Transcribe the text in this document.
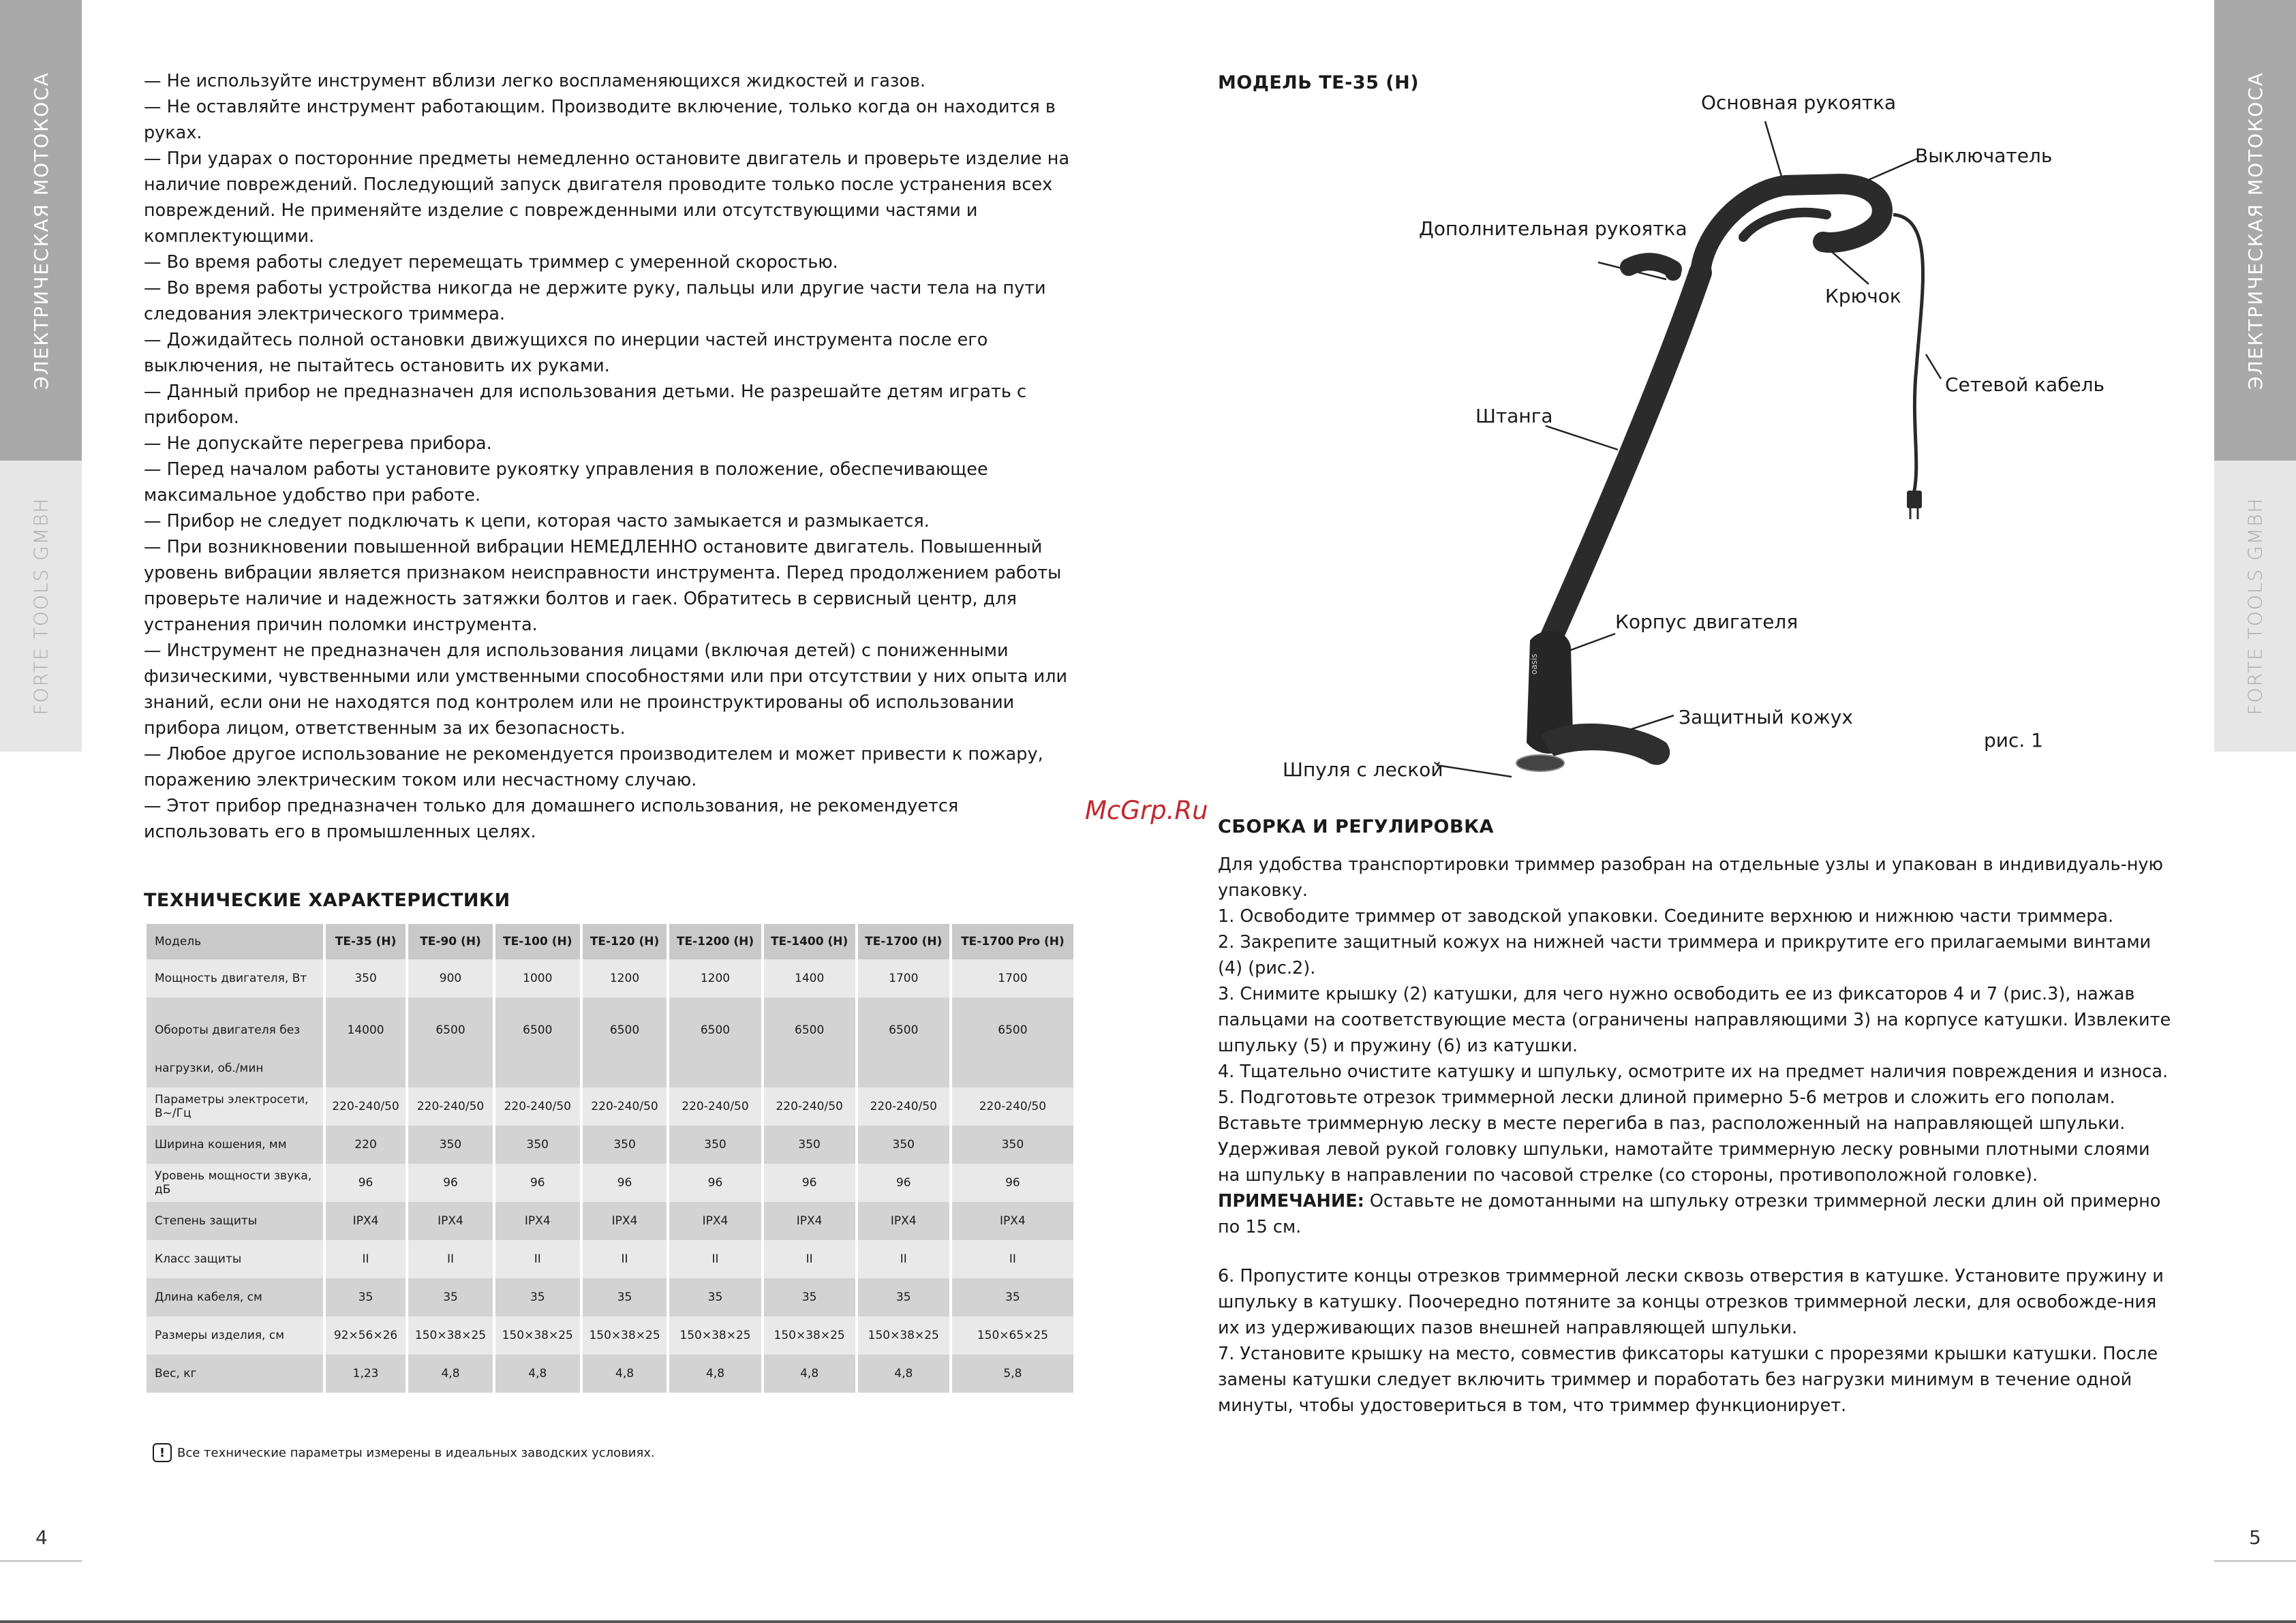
ЭЛЕКТРИЧЕСКАЯ МОТОКОСА
FORTE TOOLS GMBH
ЭЛЕКТРИЧЕСКАЯ МОТОКОСА
FORTE TOOLS GMBH

— Не используйте инструмент вблизи легко воспламеняющихся жидкостей и газов.

— Не оставляйте инструмент работающим. Производите включение, только когда он находится в руках.

— При ударах о посторонние предметы немедленно остановите двигатель и проверьте изделие на наличие повреждений. Последующий запуск двигателя проводите только после устранения всех повреждений. Не применяйте изделие с поврежденными или отсутствующими частями и комплектующими.

— Во время работы следует перемещать триммер с умеренной скоростью.

— Во время работы устройства никогда не держите руку, пальцы или другие части тела на пути следования электрического триммера.

— Дожидайтесь полной остановки движущихся по инерции частей инструмента после его выключения, не пытайтесь остановить их руками.

— Данный прибор не предназначен для использования детьми. Не разрешайте детям играть с прибором.

— Не допускайте перегрева прибора.

— Перед началом работы установите рукоятку управления в положение, обеспечивающее максимальное удобство при работе.

— Прибор не следует подключать к цепи, которая часто замыкается и размыкается.

— При возникновении повышенной вибрации НЕМЕДЛЕННО остановите двигатель. Повышенный уровень вибрации является признаком неисправности инструмента. Перед продолжением работы проверьте наличие и надежность затяжки болтов и гаек. Обратитесь в сервисный центр, для устранения причин поломки инструмента.

— Инструмент не предназначен для использования лицами (включая детей) с пониженными физическими, чувственными или умственными способностями или при отсутствии у них опыта или знаний, если они не находятся под контролем или не проинструктированы об использовании прибора лицом, ответственным за их безопасность.

— Любое другое использование не рекомендуется производителем и может привести к пожару, поражению электрическим током или несчастному случаю.

— Этот прибор предназначен только для домашнего использования, не рекомендуется использовать его в промышленных целях.

ТЕХНИЧЕСКИЕ ХАРАКТЕРИСТИКИ
Модель	TE-35 (H)	TE-90 (H)	TE-100 (H)	TE-120 (H)	TE-1200 (H)	TE-1400 (H)	TE-1700 (H)	TE-1700 Pro (H)
Мощность двигателя, Вт	350	900	1000	1200	1200	1400	1700	1700

Обороты двигателя без нагрузки, об./мин	14000	6500	6500	6500	6500	6500	6500	6500

Параметры электросети, В~/Гц	220-240/50	220-240/50	220-240/50	220-240/50	220-240/50	220-240/50	220-240/50	220-240/50
Ширина кошения, мм	220	350	350	350	350	350	350	350
Уровень мощности звука, дБ	96	96	96	96	96	96	96	96
Степень защиты	IPX4	IPX4	IPX4	IPX4	IPX4	IPX4	IPX4	IPX4
Класс защиты	II	II	II	II	II	II	II	II
Длина кабеля, см	35	35	35	35	35	35	35	35
Размеры изделия, см	92×56×26	150×38×25	150×38×25	150×38×25	150×38×25	150×38×25	150×38×25	150×65×25
Вес, кг	1,23	4,8	4,8	4,8	4,8	4,8	4,8	5,8
! Все технические параметры измерены в идеальных заводских условиях.
4
МОДЕЛЬ TE-35 (H)
oasis
Основная рукоятка
Выключатель
Дополнительная рукоятка
Крючок
Сетевой кабель
Штанга
Корпус двигателя
Защитный кожух
Шпуля с леской
рис. 1
McGrp.Ru
СБОРКА И РЕГУЛИРОВКА

Для удобства транспортировки триммер разобран на отдельные узлы и упакован в индивидуаль-ную упаковку.

1. Освободите триммер от заводской упаковки. Соедините верхнюю и нижнюю части триммера.

2. Закрепите защитный кожух на нижней части триммера и прикрутите его прилагаемыми винтами (4) (рис.2).

3. Снимите крышку (2) катушки, для чего нужно освободить ее из фиксаторов 4 и 7 (рис.3), нажав пальцами на соответствующие места (ограничены направляющими 3) на корпусе катушки. Извлеките шпульку (5) и пружину (6) из катушки.

4. Тщательно очистите катушку и шпульку, осмотрите их на предмет наличия повреждения и износа.

5. Подготовьте отрезок триммерной лески длиной примерно 5-6 метров и сложить его пополам. Вставьте триммерную леску в месте перегиба в паз, расположенный на направляющей шпульки. Удерживая левой рукой головку шпульки, намотайте триммерную леску ровными плотными слоями на шпульку в направлении по часовой стрелке (со стороны, противоположной головке).

ПРИМЕЧАНИЕ: Оставьте не домотанными на шпульку отрезки триммерной лески длин ой примерно по 15 см.

6. Пропустите концы отрезков триммерной лески сквозь отверстия в катушке. Установите пружину и шпульку в катушку. Поочередно потяните за концы отрезков триммерной лески, для освобожде-ния их из удерживающих пазов внешней направляющей шпульки.

7. Установите крышку на место, совместив фиксаторы катушки с прорезями крышки катушки. После замены катушки следует включить триммер и поработать без нагрузки минимум в течение одной минуты, чтобы удостовериться в том, что триммер функционирует.

5
